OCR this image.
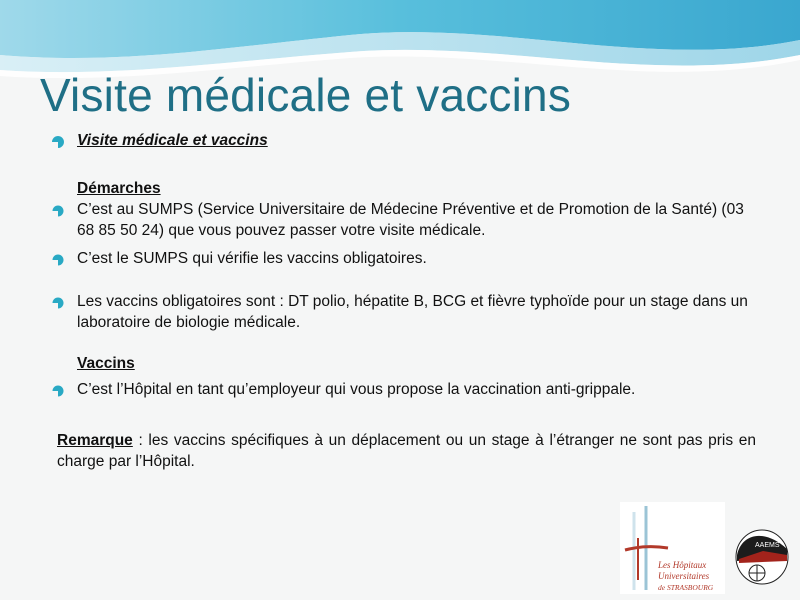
Visite médicale et vaccins
Visite médicale et vaccins
Démarches
C’est au SUMPS (Service Universitaire de Médecine Préventive et de Promotion de la Santé) (03 68 85 50 24) que vous pouvez passer votre visite médicale.
C’est le SUMPS qui vérifie les vaccins obligatoires.
Les vaccins obligatoires sont : DT polio, hépatite B, BCG et fièvre typhoïde pour un stage dans un laboratoire de biologie médicale.
Vaccins
C’est l’Hôpital en tant qu’employeur qui vous propose la vaccination anti-grippale.
Remarque : les vaccins spécifiques à un déplacement ou un stage à l’étranger ne sont pas pris en charge par l’Hôpital.
Les Hôpitaux
Universitaires
de STRASBOURG
AAEMS
